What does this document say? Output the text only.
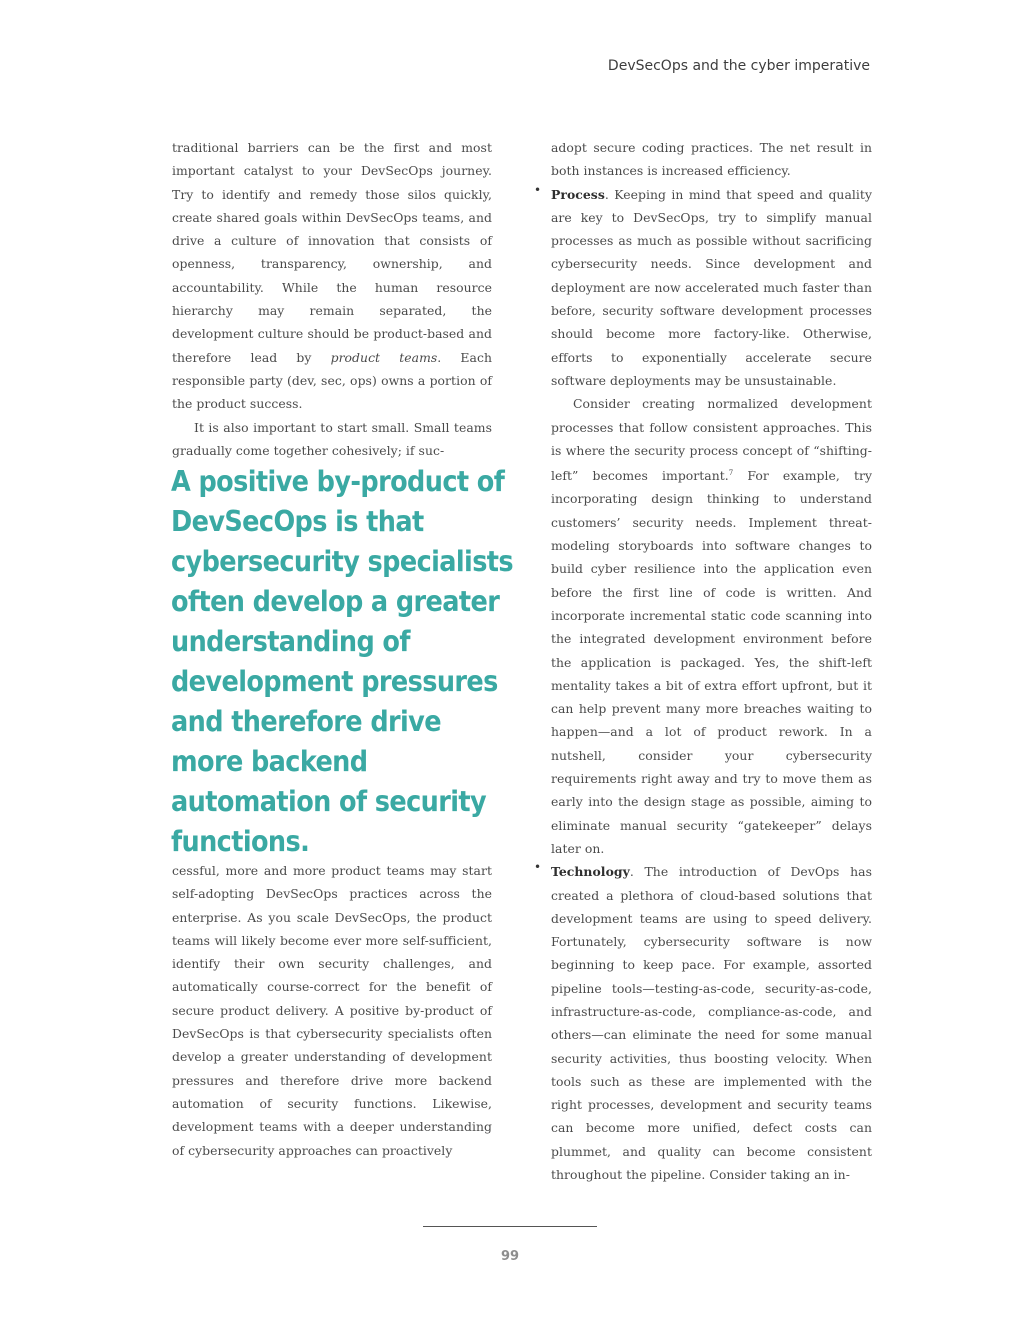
DevSecOps and the cyber imperative

traditional barriers can be the first and most important catalyst to your DevSecOps journey. Try to identify and remedy those silos quickly, create shared goals within DevSecOps teams, and drive a culture of innovation that consists of openness, transparency, ownership, and accountability. While the human resource hierarchy may remain separated, the development culture should be product-based and therefore lead by product teams. Each responsible party (dev, sec, ops) owns a portion of the product success.

It is also important to start small. Small teams gradually come together cohesively; if suc-

A positive by-product of DevSecOps is that cybersecurity specialists often develop a greater understanding of development pressures and therefore drive more backend automation of security functions.

cessful, more and more product teams may start self-adopting DevSecOps practices across the enterprise. As you scale DevSecOps, the product teams will likely become ever more self-sufficient, identify their own security challenges, and automatically course-correct for the benefit of secure product delivery. A positive by-product of DevSecOps is that cybersecurity specialists often develop a greater understanding of development pressures and therefore drive more backend automation of security functions. Likewise, development teams with a deeper understanding of cybersecurity approaches can proactively

adopt secure coding practices. The net result in both instances is increased efficiency.

• Process. Keeping in mind that speed and quality are key to DevSecOps, try to simplify manual processes as much as possible without sacrificing cybersecurity needs. Since development and deployment are now accelerated much faster than before, security software development processes should become more factory-like. Otherwise, efforts to exponentially accelerate secure software deployments may be unsustainable.

Consider creating normalized development processes that follow consistent approaches. This is where the security process concept of “shifting-left” becomes important.$^7$ For example, try incorporating design thinking to understand customers’ security needs. Implement threat-modeling storyboards into software changes to build cyber resilience into the application even before the first line of code is written. And incorporate incremental static code scanning into the integrated development environment before the application is packaged. Yes, the shift-left mentality takes a bit of extra effort upfront, but it can help prevent many more breaches waiting to happen—and a lot of product rework. In a nutshell, consider your cybersecurity requirements right away and try to move them as early into the design stage as possible, aiming to eliminate manual security “gatekeeper” delays later on.

• Technology. The introduction of DevOps has created a plethora of cloud-based solutions that development teams are using to speed delivery. Fortunately, cybersecurity software is now beginning to keep pace. For example, assorted pipeline tools—testing-as-code, security-as-code, infrastructure-as-code, compliance-as-code, and others—can eliminate the need for some manual security activities, thus boosting velocity. When tools such as these are implemented with the right processes, development and security teams can become more unified, defect costs can plummet, and quality can become consistent throughout the pipeline. Consider taking an in-

99
